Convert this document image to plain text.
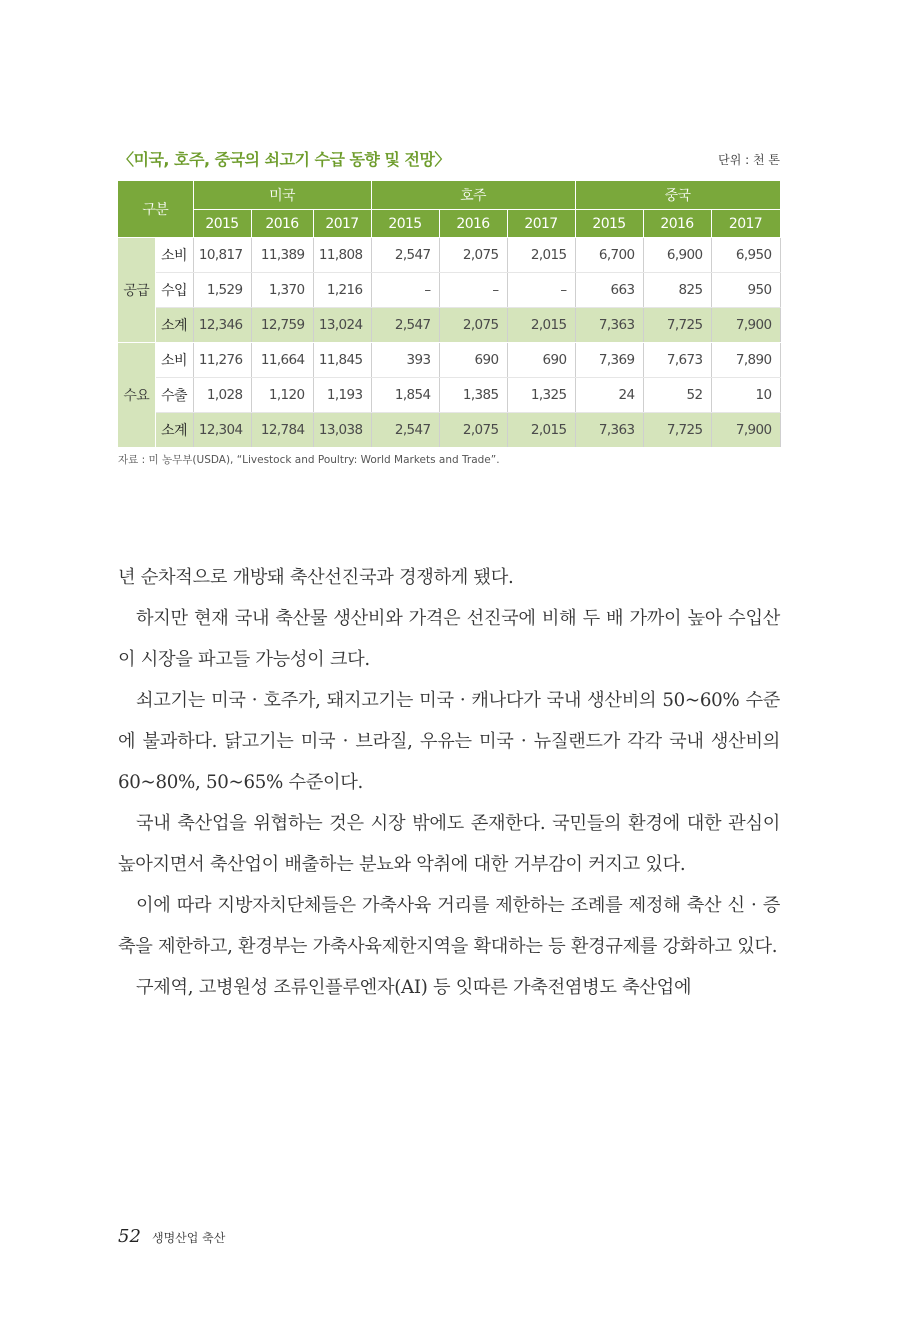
〈미국, 호주, 중국의 쇠고기 수급 동향 및 전망〉	단위 : 천 톤
구분		미국			호주			중국		
		2015	2016	2017	2015	2016	2017	2015	2016	2017
공급	소비	10,817	11,389	11,808	2,547	2,075	2,015	6,700	6,900	6,950
	수입	1,529	1,370	1,216	–	–	–	663	825	950
	소계	12,346	12,759	13,024	2,547	2,075	2,015	7,363	7,725	7,900
수요	소비	11,276	11,664	11,845	393	690	690	7,369	7,673	7,890
	수출	1,028	1,120	1,193	1,854	1,385	1,325	24	52	10
	소계	12,304	12,784	13,038	2,547	2,075	2,015	7,363	7,725	7,900
자료 : 미 농무부(USDA), “Livestock and Poultry: World Markets and Trade”.

년 순차적으로 개방돼 축산선진국과 경쟁하게 됐다.

하지만 현재 국내 축산물 생산비와 가격은 선진국에 비해 두 배 가까이 높아 수입산이 시장을 파고들 가능성이 크다.

쇠고기는 미국 · 호주가, 돼지고기는 미국 · 캐나다가 국내 생산비의 50~60% 수준에 불과하다. 닭고기는 미국 · 브라질, 우유는 미국 · 뉴질랜드가 각각 국내 생산비의 60~80%, 50~65% 수준이다.

국내 축산업을 위협하는 것은 시장 밖에도 존재한다. 국민들의 환경에 대한 관심이 높아지면서 축산업이 배출하는 분뇨와 악취에 대한 거부감이 커지고 있다.

이에 따라 지방자치단체들은 가축사육 거리를 제한하는 조례를 제정해 축산 신 · 증축을 제한하고, 환경부는 가축사육제한지역을 확대하는 등 환경규제를 강화하고 있다.

구제역, 고병원성 조류인플루엔자(AI) 등 잇따른 가축전염병도 축산업에

52 생명산업 축산
